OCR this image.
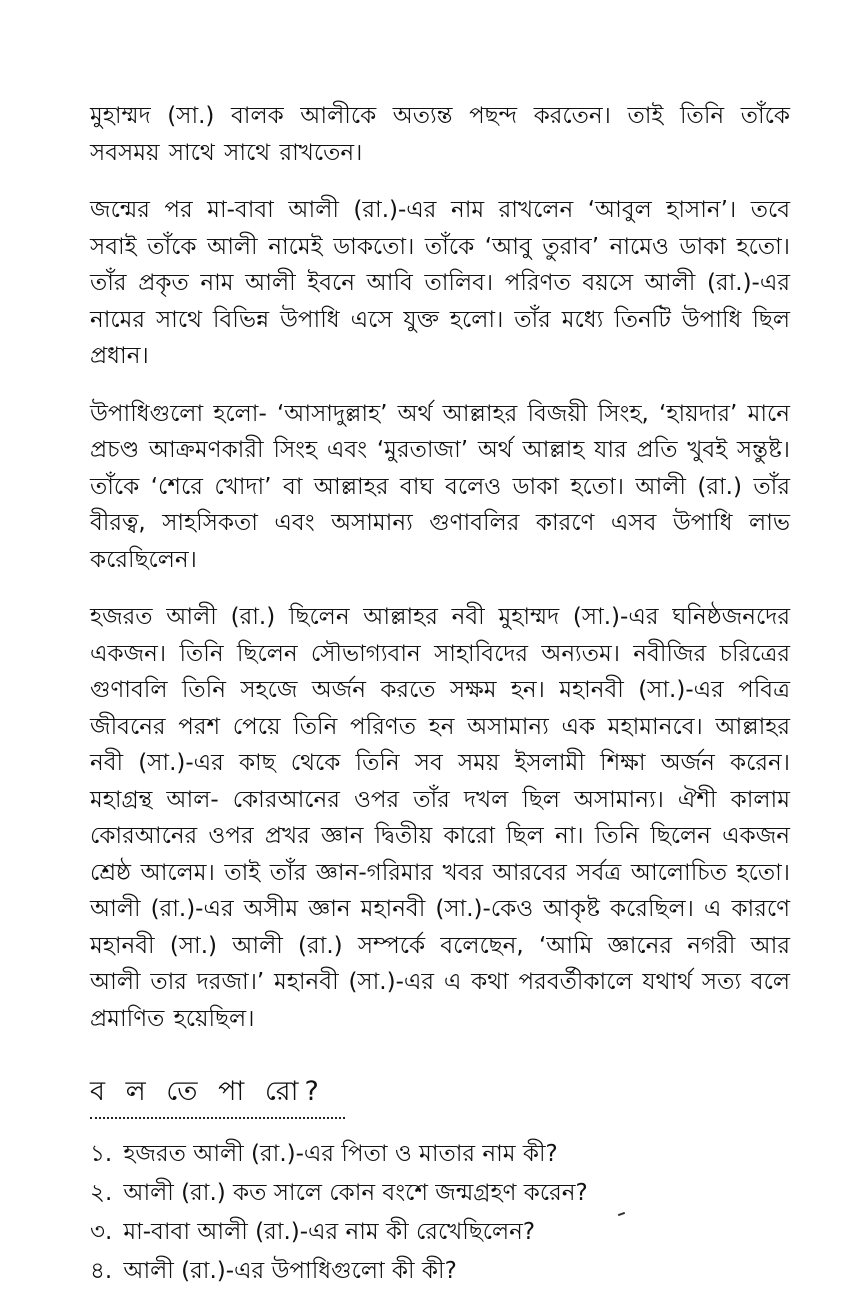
মুহাম্মদ (সা.) বালক আলীকে অত্যন্ত পছন্দ করতেন। তাই তিনি তাঁকে সবসময় সাথে সাথে রাখতেন।

জন্মের পর মা-বাবা আলী (রা.)-এর নাম রাখলেন ‘আবুল হাসান’। তবে সবাই তাঁকে আলী নামেই ডাকতো। তাঁকে ‘আবু তুরাব’ নামেও ডাকা হতো। তাঁর প্রকৃত নাম আলী ইবনে আবি তালিব। পরিণত বয়সে আলী (রা.)-এর নামের সাথে বিভিন্ন উপাধি এসে যুক্ত হলো। তাঁর মধ্যে তিনটি উপাধি ছিল প্রধান।

উপাধিগুলো হলো- ‘আসাদুল্লাহ’ অর্থ আল্লাহর বিজয়ী সিংহ, ‘হায়দার’ মানে প্রচণ্ড আক্রমণকারী সিংহ এবং ‘মুরতাজা’ অর্থ আল্লাহ যার প্রতি খুবই সন্তুষ্ট। তাঁকে ‘শেরে খোদা’ বা আল্লাহর বাঘ বলেও ডাকা হতো। আলী (রা.) তাঁর বীরত্ব, সাহসিকতা এবং অসামান্য গুণাবলির কারণে এসব উপাধি লাভ করেছিলেন।

হজরত আলী (রা.) ছিলেন আল্লাহর নবী মুহাম্মদ (সা.)-এর ঘনিষ্ঠজনদের একজন। তিনি ছিলেন সৌভাগ্যবান সাহাবিদের অন্যতম। নবীজির চরিত্রের গুণাবলি তিনি সহজে অর্জন করতে সক্ষম হন। মহানবী (সা.)-এর পবিত্র জীবনের পরশ পেয়ে তিনি পরিণত হন অসামান্য এক মহামানবে। আল্লাহর নবী (সা.)-এর কাছ থেকে তিনি সব সময় ইসলামী শিক্ষা অর্জন করেন। মহাগ্রন্থ আল- কোরআনের ওপর তাঁর দখল ছিল অসামান্য। ঐশী কালাম কোরআনের ওপর প্রখর জ্ঞান দ্বিতীয় কারো ছিল না। তিনি ছিলেন একজন শ্রেষ্ঠ আলেম। তাই তাঁর জ্ঞান-গরিমার খবর আরবের সর্বত্র আলোচিত হতো। আলী (রা.)-এর অসীম জ্ঞান মহানবী (সা.)-কেও আকৃষ্ট করেছিল। এ কারণে মহানবী (সা.) আলী (রা.) সম্পর্কে বলেছেন, ‘আমি জ্ঞানের নগরী আর আলী তার দরজা।’ মহানবী (সা.)-এর এ কথা পরবর্তীকালে যথার্থ সত্য বলে প্রমাণিত হয়েছিল।

ব ল তে পা রো?
১. হজরত আলী (রা.)-এর পিতা ও মাতার নাম কী?
২. আলী (রা.) কত সালে কোন বংশে জন্মগ্রহণ করেন?
৩. মা-বাবা আলী (রা.)-এর নাম কী রেখেছিলেন?
৪. আলী (রা.)-এর উপাধিগুলো কী কী?
